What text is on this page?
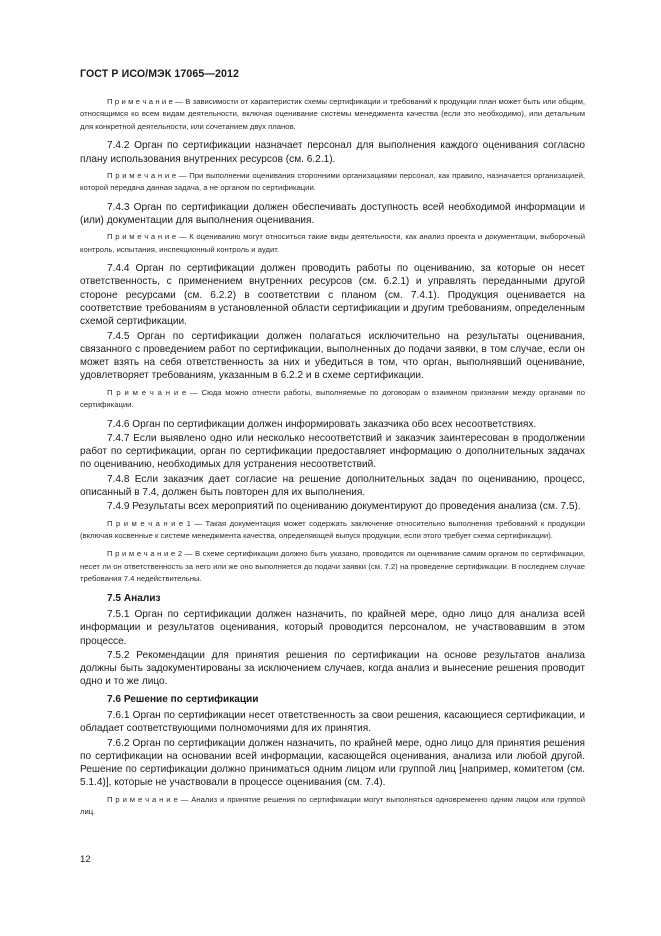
ГОСТ Р ИСО/МЭК 17065—2012

П р и м е ч а н и е — В зависимости от характеристик схемы сертификации и требований к продукции план может быть или общим, относящимся ко всем видам деятельности, включая оценивание системы менеджмента качества (если это необходимо), или детальным для конкретной деятельности, или сочетанием двух планов.

7.4.2 Орган по сертификации назначает персонал для выполнения каждого оценивания согласно плану использования внутренних ресурсов (см. 6.2.1).

П р и м е ч а н и е — При выполнении оценивания сторонними организациями персонал, как правило, назначается организацией, которой передана данная задача, а не органом по сертификации.

7.4.3 Орган по сертификации должен обеспечивать доступность всей необходимой информации и (или) документации для выполнения оценивания.

П р и м е ч а н и е — К оцениванию могут относиться такие виды деятельности, как анализ проекта и документации, выборочный контроль, испытания, инспекционный контроль и аудит.

7.4.4 Орган по сертификации должен проводить работы по оцениванию, за которые он несет ответственность, с применением внутренних ресурсов (см. 6.2.1) и управлять переданными другой стороне ресурсами (см. 6.2.2) в соответствии с планом (см. 7.4.1). Продукция оценивается на соответствие требованиям в установленной области сертификации и другим требованиям, определенным схемой сертификации.

7.4.5 Орган по сертификации должен полагаться исключительно на результаты оценивания, связанного с проведением работ по сертификации, выполненных до подачи заявки, в том случае, если он может взять на себя ответственность за них и убедиться в том, что орган, выполнявший оценивание, удовлетворяет требованиям, указанным в 6.2.2 и в схеме сертификации.

П р и м е ч а н и е — Сюда можно отнести работы, выполняемые по договорам о взаимном признании между органами по сертификации.

7.4.6 Орган по сертификации должен информировать заказчика обо всех несоответствиях.

7.4.7 Если выявлено одно или несколько несоответствий и заказчик заинтересован в продолжении работ по сертификации, орган по сертификации предоставляет информацию о дополнительных задачах по оцениванию, необходимых для устранения несоответствий.

7.4.8 Если заказчик дает согласие на решение дополнительных задач по оцениванию, процесс, описанный в 7.4, должен быть повторен для их выполнения.

7.4.9 Результаты всех мероприятий по оцениванию документируют до проведения анализа (см. 7.5).

П р и м е ч а н и е 1 — Такая документация может содержать заключение относительно выполнения требований к продукции (включая косвенные к системе менеджмента качества, определяющей выпуск продукции, если этого требует схема сертификации).

П р и м е ч а н и е 2 — В схеме сертификации должно быть указано, проводится ли оценивание самим органом по сертификации, несет ли он ответственность за него или же оно выполняется до подачи заявки (см. 7.2) на проведение сертификации. В последнем случае требования 7.4 недействительны.

7.5 Анализ

7.5.1 Орган по сертификации должен назначить, по крайней мере, одно лицо для анализа всей информации и результатов оценивания, который проводится персоналом, не участвовавшим в этом процессе.

7.5.2 Рекомендации для принятия решения по сертификации на основе результатов анализа должны быть задокументированы за исключением случаев, когда анализ и вынесение решения проводит одно и то же лицо.

7.6 Решение по сертификации

7.6.1 Орган по сертификации несет ответственность за свои решения, касающиеся сертификации, и обладает соответствующими полномочиями для их принятия.

7.6.2 Орган по сертификации должен назначить, по крайней мере, одно лицо для принятия решения по сертификации на основании всей информации, касающейся оценивания, анализа или любой другой. Решение по сертификации должно приниматься одним лицом или группой лиц [например, комитетом (см. 5.1.4)], которые не участвовали в процессе оценивания (см. 7.4).

П р и м е ч а н и е — Анализ и принятие решения по сертификации могут выполняться одновременно одним лицом или группой лиц.

12
